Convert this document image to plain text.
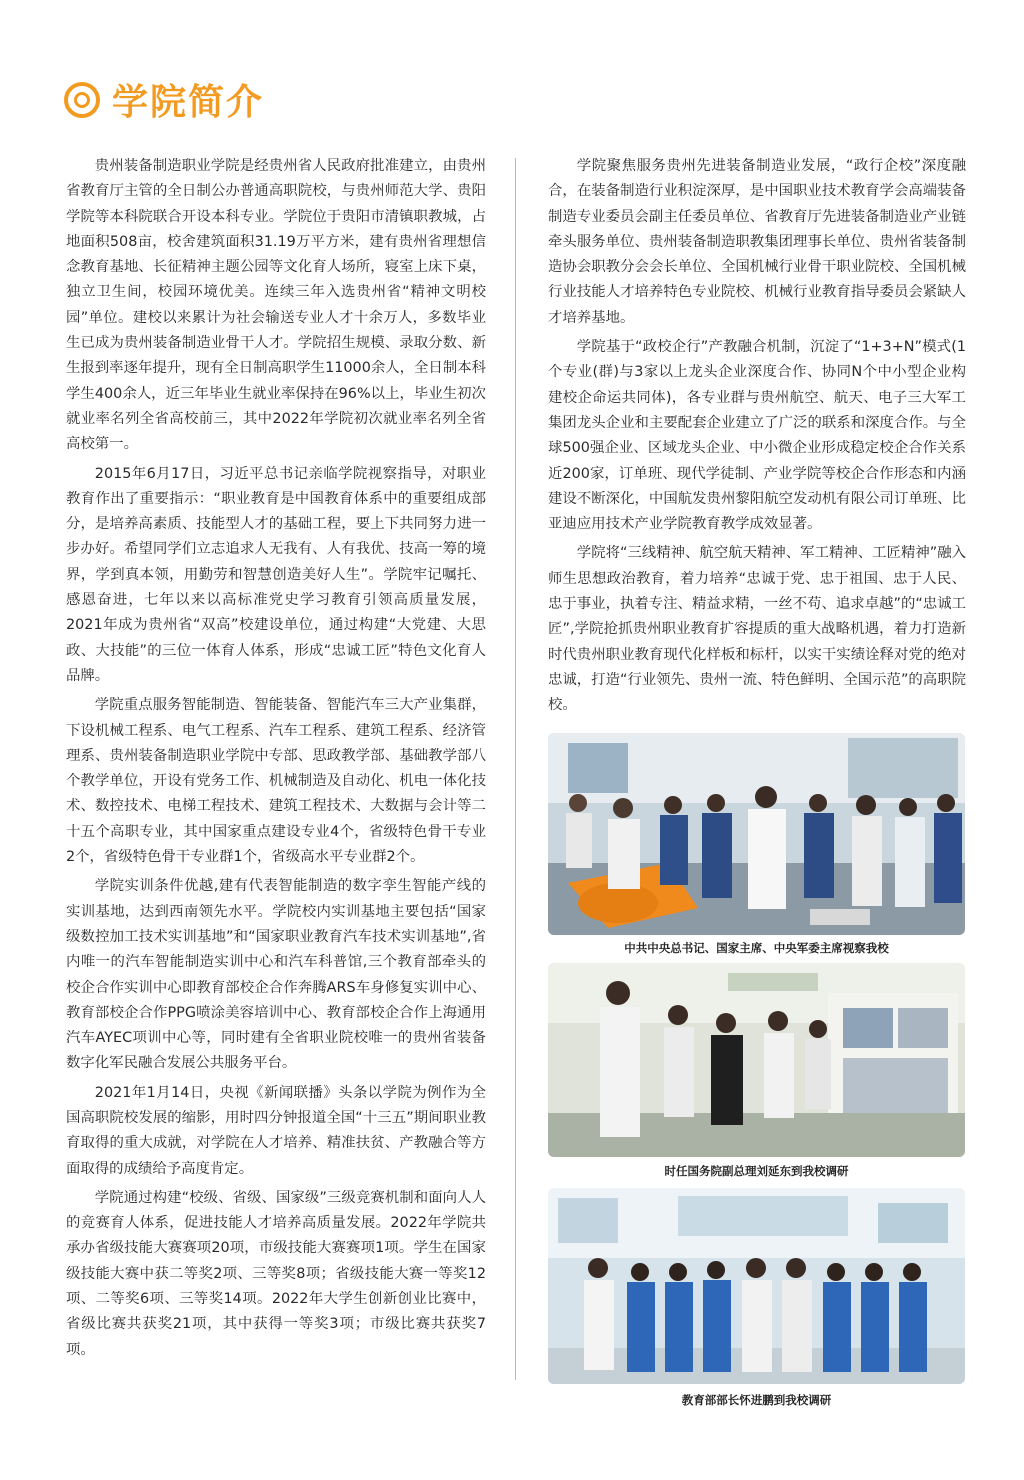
学院简介

贵州装备制造职业学院是经贵州省人民政府批准建立，由贵州省教育厅主管的全日制公办普通高职院校，与贵州师范大学、贵阳学院等本科院联合开设本科专业。学院位于贵阳市清镇职教城，占地面积508亩，校舍建筑面积31.19万平方米，建有贵州省理想信念教育基地、长征精神主题公园等文化育人场所，寝室上床下桌，独立卫生间，校园环境优美。连续三年入选贵州省“精神文明校园”单位。建校以来累计为社会输送专业人才十余万人，多数毕业生已成为贵州装备制造业骨干人才。学院招生规模、录取分数、新生报到率逐年提升，现有全日制高职学生11000余人，全日制本科学生400余人，近三年毕业生就业率保持在96%以上，毕业生初次就业率名列全省高校前三，其中2022年学院初次就业率名列全省高校第一。

2015年6月17日，习近平总书记亲临学院视察指导，对职业教育作出了重要指示：“职业教育是中国教育体系中的重要组成部分，是培养高素质、技能型人才的基础工程，要上下共同努力进一步办好。希望同学们立志追求人无我有、人有我优、技高一筹的境界，学到真本领，用勤劳和智慧创造美好人生”。学院牢记嘱托、感恩奋进，七年以来以高标准党史学习教育引领高质量发展，2021年成为贵州省“双高”校建设单位，通过构建“大党建、大思政、大技能”的三位一体育人体系，形成“忠诚工匠”特色文化育人品牌。

学院重点服务智能制造、智能装备、智能汽车三大产业集群，下设机械工程系、电气工程系、汽车工程系、建筑工程系、经济管理系、贵州装备制造职业学院中专部、思政教学部、基础教学部八个教学单位，开设有党务工作、机械制造及自动化、机电一体化技术、数控技术、电梯工程技术、建筑工程技术、大数据与会计等二十五个高职专业，其中国家重点建设专业4个，省级特色骨干专业2个，省级特色骨干专业群1个，省级高水平专业群2个。

学院实训条件优越,建有代表智能制造的数字孪生智能产线的实训基地，达到西南领先水平。学院校内实训基地主要包括“国家级数控加工技术实训基地”和“国家职业教育汽车技术实训基地”,省内唯一的汽车智能制造实训中心和汽车科普馆,三个教育部牵头的校企合作实训中心即教育部校企合作奔腾ARS车身修复实训中心、教育部校企合作PPG喷涂美容培训中心、教育部校企合作上海通用汽车AYEC项训中心等，同时建有全省职业院校唯一的贵州省装备数字化军民融合发展公共服务平台。

2021年1月14日，央视《新闻联播》头条以学院为例作为全国高职院校发展的缩影，用时四分钟报道全国“十三五”期间职业教育取得的重大成就，对学院在人才培养、精准扶贫、产教融合等方面取得的成绩给予高度肯定。

学院通过构建“校级、省级、国家级”三级竞赛机制和面向人人的竞赛育人体系，促进技能人才培养高质量发展。2022年学院共承办省级技能大赛赛项20项，市级技能大赛赛项1项。学生在国家级技能大赛中获二等奖2项、三等奖8项；省级技能大赛一等奖12项、二等奖6项、三等奖14项。2022年大学生创新创业比赛中，省级比赛共获奖21项，其中获得一等奖3项；市级比赛共获奖7项。

学院聚焦服务贵州先进装备制造业发展，“政行企校”深度融合，在装备制造行业积淀深厚，是中国职业技术教育学会高端装备制造专业委员会副主任委员单位、省教育厅先进装备制造业产业链牵头服务单位、贵州装备制造职教集团理事长单位、贵州省装备制造协会职教分会会长单位、全国机械行业骨干职业院校、全国机械行业技能人才培养特色专业院校、机械行业教育指导委员会紧缺人才培养基地。

学院基于“政校企行”产教融合机制，沉淀了“1+3+N”模式(1个专业(群)与3家以上龙头企业深度合作、协同N个中小型企业构建校企命运共同体)，各专业群与贵州航空、航天、电子三大军工集团龙头企业和主要配套企业建立了广泛的联系和深度合作。与全球500强企业、区域龙头企业、中小微企业形成稳定校企合作关系近200家，订单班、现代学徒制、产业学院等校企合作形态和内涵建设不断深化，中国航发贵州黎阳航空发动机有限公司订单班、比亚迪应用技术产业学院教育教学成效显著。

学院将“三线精神、航空航天精神、军工精神、工匠精神”融入师生思想政治教育，着力培养“忠诚于党、忠于祖国、忠于人民、忠于事业，执着专注、精益求精，一丝不苟、追求卓越”的“忠诚工匠”,学院抢抓贵州职业教育扩容提质的重大战略机遇，着力打造新时代贵州职业教育现代化样板和标杆，以实干实绩诠释对党的绝对忠诚，打造“行业领先、贵州一流、特色鲜明、全国示范”的高职院校。

中共中央总书记、国家主席、中央军委主席视察我校
时任国务院副总理刘延东到我校调研
教育部部长怀进鹏到我校调研
